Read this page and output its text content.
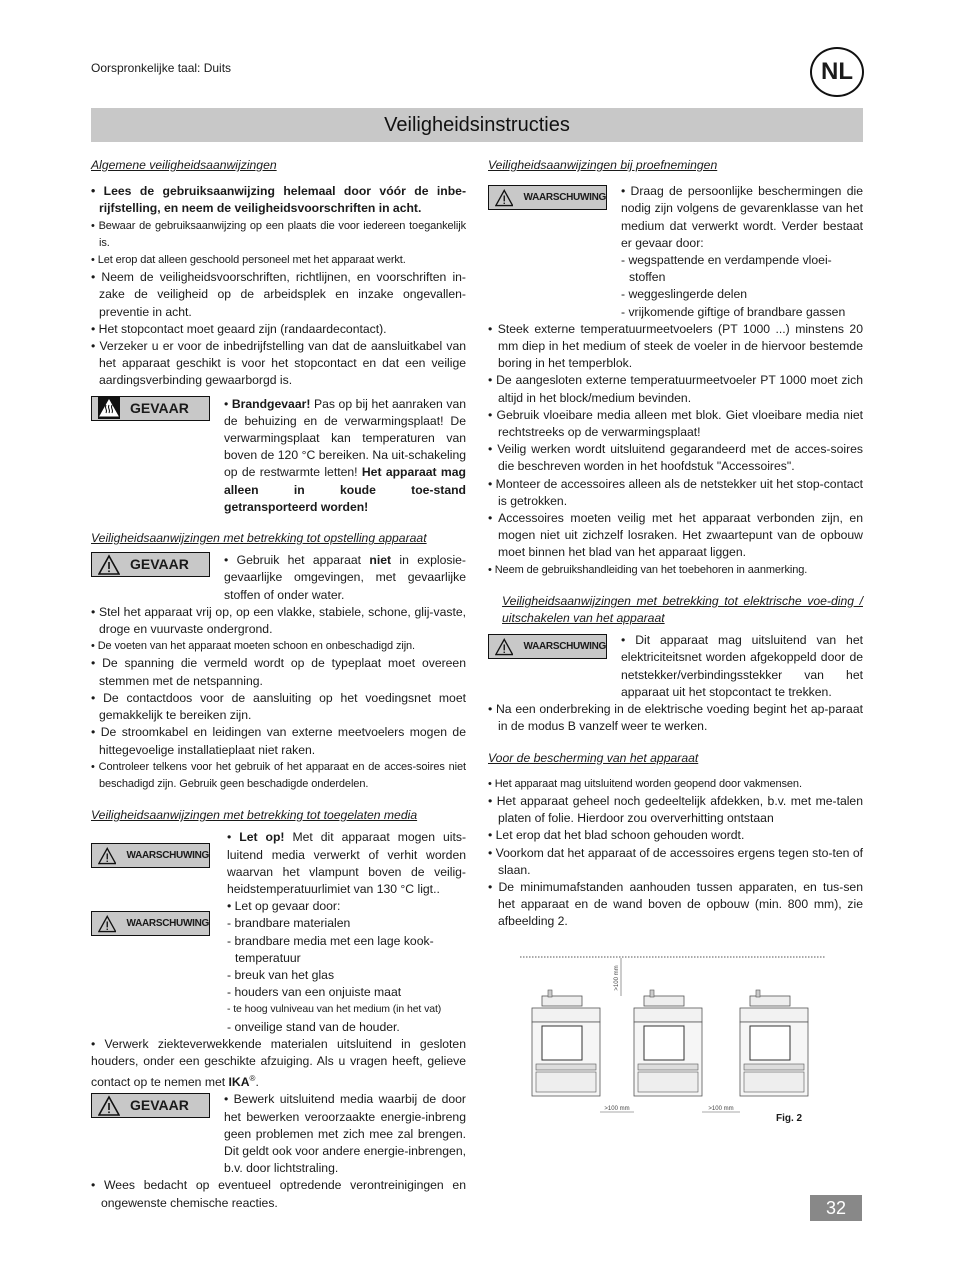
Oorspronkelijke taal: Duits	NL
Veiligheidsinstructies

Algemene veiligheidsaanwijzingen

• Lees de gebruiksaanwijzing helemaal door vóór de inbe-rijfstelling, en neem de veiligheidsvoorschriften in acht.

• Bewaar de gebruiksaanwijzing op een plaats die voor iedereen toegankelijk is.

• Let erop dat alleen geschoold personeel met het apparaat werkt.

• Neem de veiligheidsvoorschriften, richtlijnen, en voorschriften in-zake de veiligheid op de arbeidsplek en inzake ongevallen-preventie in acht.

• Het stopcontact moet geaard zijn (randaardecontact).

• Verzeker u er voor de inbedrijfstelling van dat de aansluitkabel van het apparaat geschikt is voor het stopcontact en dat een veilige aardingsverbinding gewaarborgd is.

GEVAAR	• Brandgevaar! Pas op bij het aanraken van de behuizing en de verwarmingsplaat! De verwarmingsplaat kan temperaturen van boven de 120 °C bereiken. Na uit-schakeling op de restwarmte letten! Het apparaat mag alleen in koude toe-stand getransporteerd worden!

Veiligheidsaanwijzingen met betrekking tot opstelling apparaat

GEVAAR	• Gebruik het apparaat niet in explosie-gevaarlijke omgevingen, met gevaarlijke stoffen of onder water.

• Stel het apparaat vrij op, op een vlakke, stabiele, schone, glij-vaste, droge en vuurvaste ondergrond.

• De voeten van het apparaat moeten schoon en onbeschadigd zijn.

• De spanning die vermeld wordt op de typeplaat moet overeen stemmen met de netspanning.

• De contactdoos voor de aansluiting op het voedingsnet moet gemakkelijk te bereiken zijn.

• De stroomkabel en leidingen van externe meetvoelers mogen de hittegevoelige installatieplaat niet raken.

• Controleer telkens voor het gebruik of het apparaat en de acces-soires niet beschadigd zijn. Gebruik geen beschadigde onderdelen.

Veiligheidsaanwijzingen met betrekking tot toegelaten media

WAARSCHUWING
WAARSCHUWING

• Let op! Met dit apparaat mogen uits-luitend media verwerkt of verhit worden waarvan het vlampunt boven de veilig-heidstemperatuurlimiet van 130 °C ligt..

• Let op gevaar door:

- brandbare materialen

- brandbare media met een lage kook-temperatuur

- breuk van het glas

- houders van een onjuiste maat

- te hoog vulniveau van het medium (in het vat)

- onveilige stand van de houder.

• Verwerk ziekteverwekkende materialen uitsluitend in gesloten houders, onder een geschikte afzuiging. Als u vragen heeft, gelieve contact op te nemen met IKA®.

GEVAAR	• Bewerk uitsluitend media waarbij de door het bewerken veroorzaakte energie-inbreng geen problemen met zich mee zal brengen. Dit geldt ook voor andere energie-inbrengen, b.v. door lichtstraling.

• Wees bedacht op eventueel optredende verontreinigingen en ongewenste chemische reacties.

Veiligheidsaanwijzingen bij proefnemingen

WAARSCHUWING • Draag de persoonlijke beschermingen die nodig zijn volgens de gevarenklasse van het medium dat verwerkt wordt. Verder bestaat er gevaar door:

- wegspattende en verdampende vloei-stoffen

- weggeslingerde delen

- vrijkomende giftige of brandbare gassen

• Steek externe temperatuurmeetvoelers (PT 1000 ...) minstens 20 mm diep in het medium of steek de voeler in de hiervoor bestemde boring in het temperblok.

• De aangesloten externe temperatuurmeetvoeler PT 1000 moet zich altijd in het block/medium bevinden.

• Gebruik vloeibare media alleen met blok. Giet vloeibare media niet rechtstreeks op de verwarmingsplaat!

• Veilig werken wordt uitsluitend gegarandeerd met de acces-soires die beschreven worden in het hoofdstuk "Accessoires".

• Monteer de accessoires alleen als de netstekker uit het stop-contact is getrokken.

• Accessoires moeten veilig met het apparaat verbonden zijn, en mogen niet uit zichzelf losraken. Het zwaartepunt van de opbouw moet binnen het blad van het apparaat liggen.

• Neem de gebruikshandleiding van het toebehoren in aanmerking.

Veiligheidsaanwijzingen met betrekking tot elektrische voe-ding / uitschakelen van het apparaat

WAARSCHUWING • Dit apparaat mag uitsluitend van het elektriciteitsnet worden afgekoppeld door de netstekker/verbindingsstekker van het apparaat uit het stopcontact te trekken.

• Na een onderbreking in de elektrische voeding begint het ap-paraat in de modus B vanzelf weer te werken.

Voor de bescherming van het apparaat

• Het apparaat mag uitsluitend worden geopend door vakmensen.

• Het apparaat geheel noch gedeeltelijk afdekken, b.v. met me-talen platen of folie. Hierdoor zou oververhitting ontstaan

• Let erop dat het blad schoon gehouden wordt.

• Voorkom dat het apparaat of de accessoires ergens tegen sto-ten of slaan.

• De minimumafstanden aanhouden tussen apparaten, en tus-sen het apparaat en de wand boven de opbouw (min. 800 mm), zie afbeelding 2.

>100 mm
>100 mm	>100 mm
Fig. 2
32
